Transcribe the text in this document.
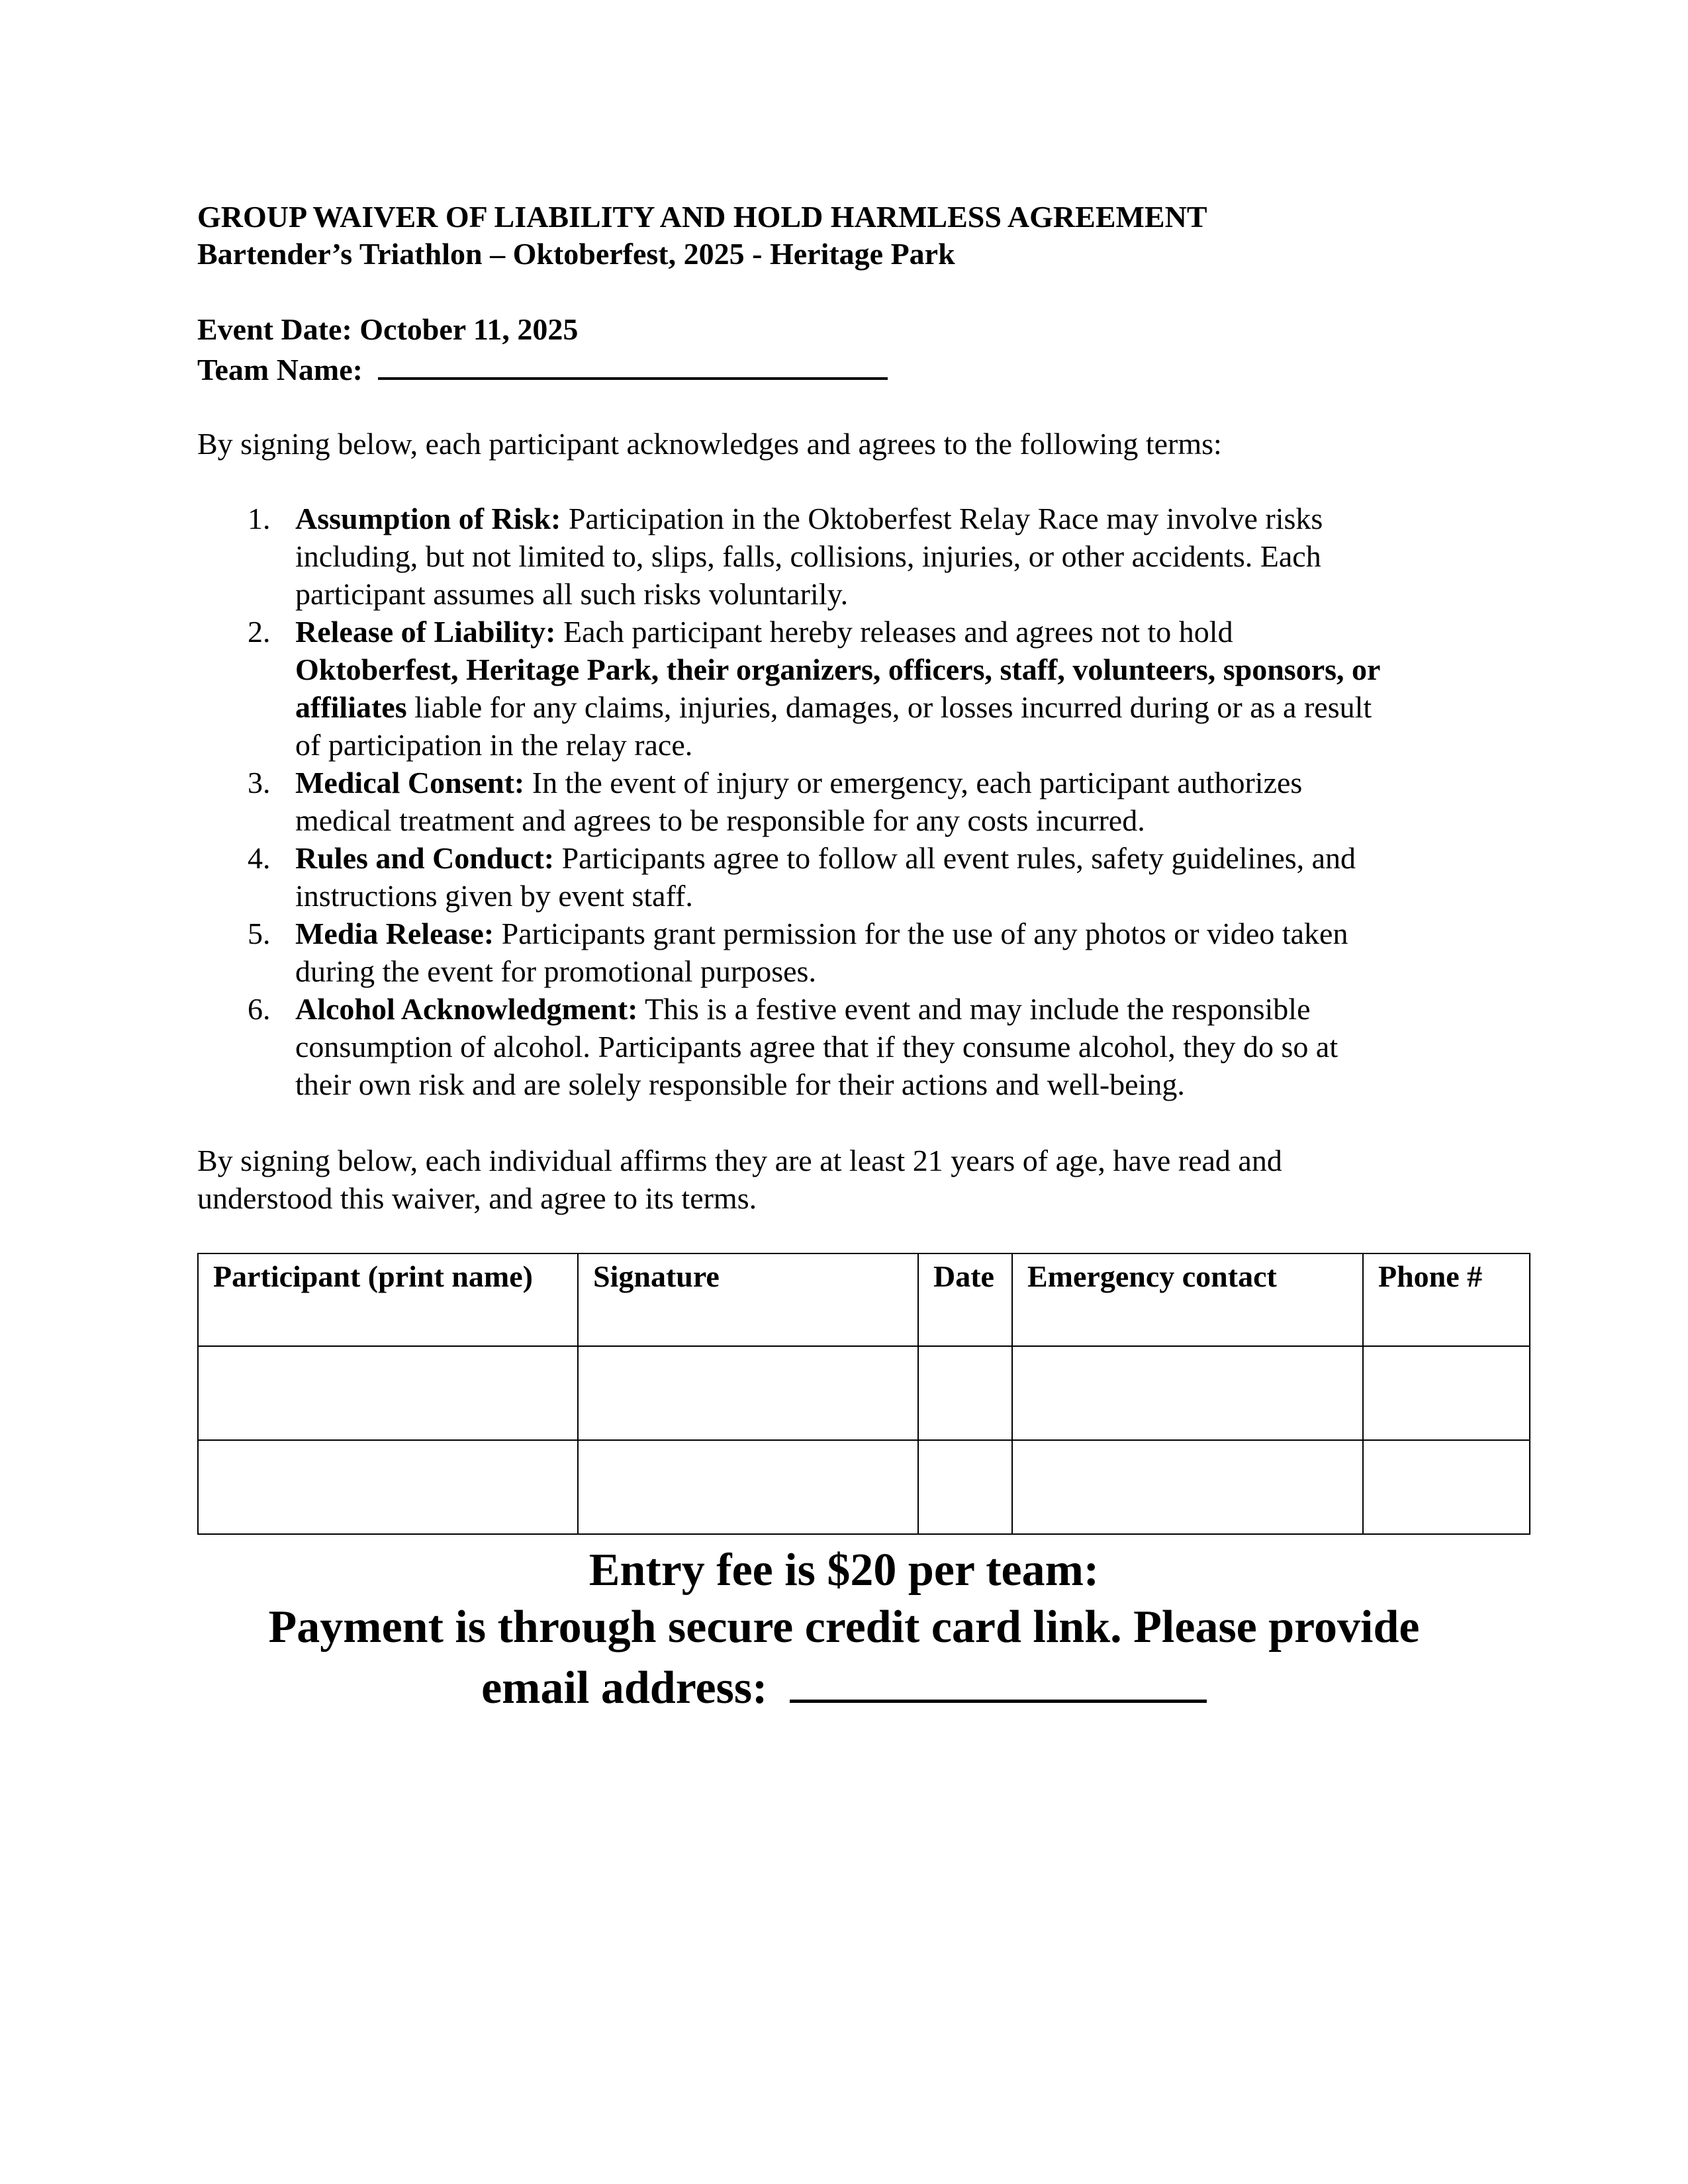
GROUP WAIVER OF LIABILITY AND HOLD HARMLESS AGREEMENT
Bartender’s Triathlon – Oktoberfest, 2025 - Heritage Park
Event Date: October 11, 2025
Team Name:
By signing below, each participant acknowledges and agrees to the following terms:
1. Assumption of Risk: Participation in the Oktoberfest Relay Race may involve risks
including, but not limited to, slips, falls, collisions, injuries, or other accidents. Each
participant assumes all such risks voluntarily.
2. Release of Liability: Each participant hereby releases and agrees not to hold
Oktoberfest, Heritage Park, their organizers, officers, staff, volunteers, sponsors, or
affiliates liable for any claims, injuries, damages, or losses incurred during or as a result
of participation in the relay race.
3. Medical Consent: In the event of injury or emergency, each participant authorizes
medical treatment and agrees to be responsible for any costs incurred.
4. Rules and Conduct: Participants agree to follow all event rules, safety guidelines, and
instructions given by event staff.
5. Media Release: Participants grant permission for the use of any photos or video taken
during the event for promotional purposes.
6. Alcohol Acknowledgment: This is a festive event and may include the responsible
consumption of alcohol. Participants agree that if they consume alcohol, they do so at
their own risk and are solely responsible for their actions and well-being.
By signing below, each individual affirms they are at least 21 years of age, have read and
understood this waiver, and agree to its terms.
Participant (print name)	Signature	Date	Emergency contact	Phone #

Entry fee is $20 per team:
Payment is through secure credit card link. Please provide
email address:
